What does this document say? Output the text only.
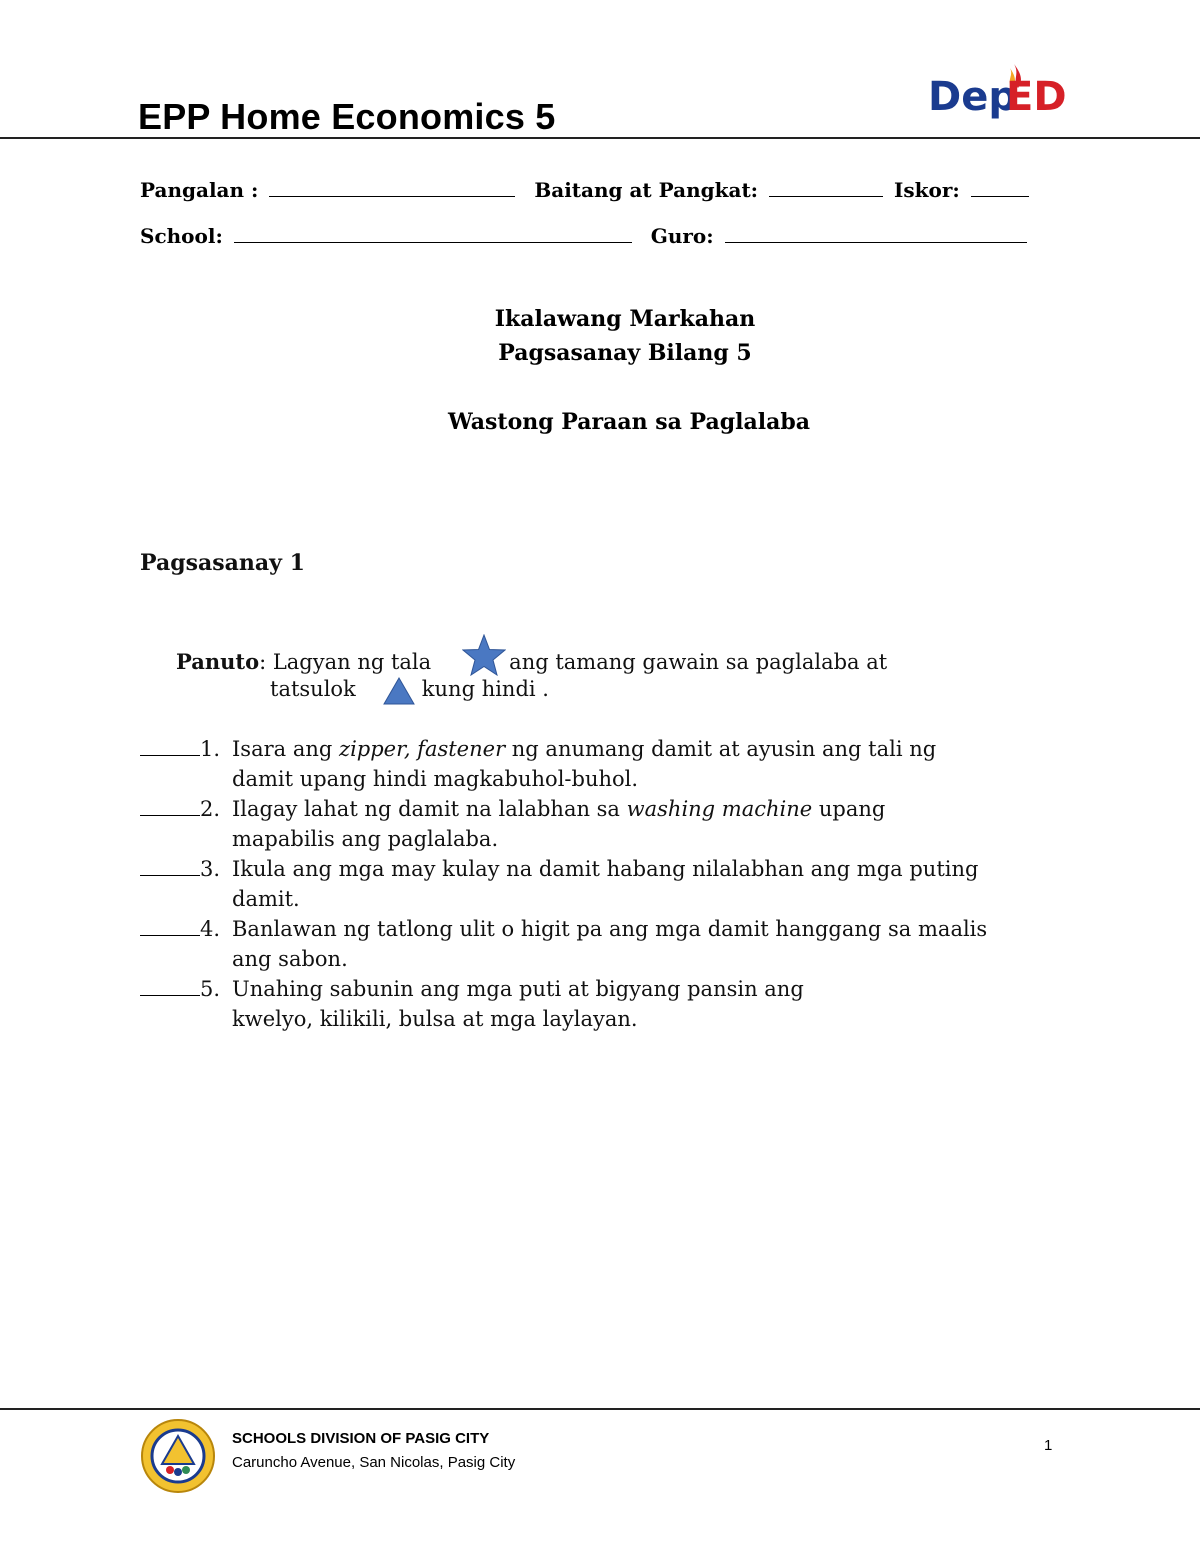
EPP Home Economics 5	Dep
ED
Pangalan :	Baitang at Pangkat:	Iskor:
School:	Guro:
Ikalawang Markahan
Pagsasanay Bilang 5
Wastong Paraan sa Paglalaba
Pagsasanay 1
Panuto: Lagyan ng tala	ang tamang gawain sa paglalaba at
tatsulok	kung hindi .
1. Isara ang zipper, fastener ng anumang damit at ayusin ang tali ng
damit upang hindi magkabuhol-buhol.
2. Ilagay lahat ng damit na lalabhan sa washing machine upang
mapabilis ang paglalaba.
3. Ikula ang mga may kulay na damit habang nilalabhan ang mga puting
damit.
4. Banlawan ng tatlong ulit o higit pa ang mga damit hanggang sa maalis
ang sabon.
5. Unahing sabunin ang mga puti at bigyang pansin ang
kwelyo, kilikili, bulsa at mga laylayan.
SCHOOLS DIVISION OF PASIG CITY
Caruncho Avenue, San Nicolas, Pasig City
1
